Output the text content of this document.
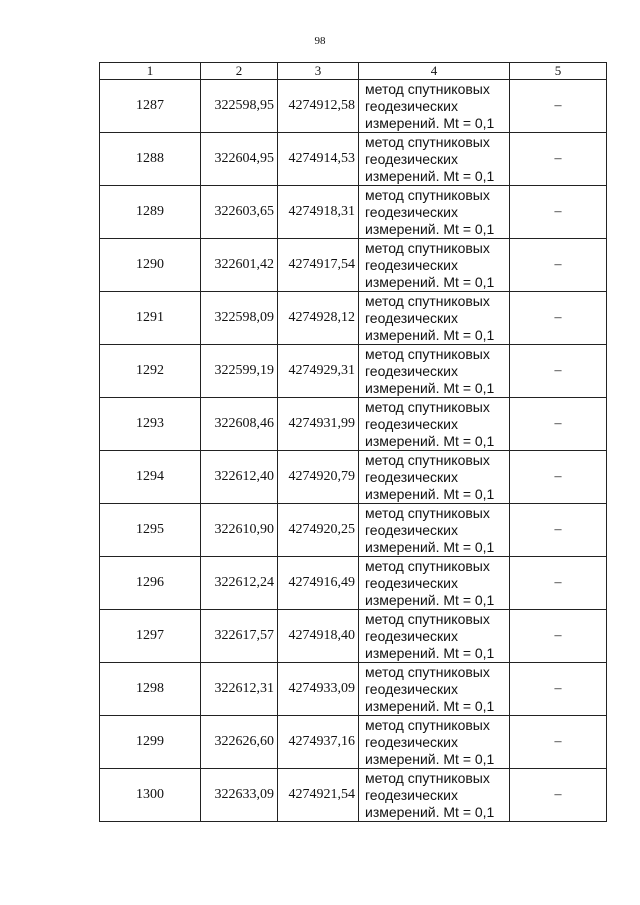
98
1	2	3	4	5
1287	322598,95	4274912,58	метод спутниковых
геодезических
измерений. Mt = 0,1	–
1288	322604,95	4274914,53	метод спутниковых
геодезических
измерений. Mt = 0,1	–
1289	322603,65	4274918,31	метод спутниковых
геодезических
измерений. Mt = 0,1	–
1290	322601,42	4274917,54	метод спутниковых
геодезических
измерений. Mt = 0,1	–
1291	322598,09	4274928,12	метод спутниковых
геодезических
измерений. Mt = 0,1	–
1292	322599,19	4274929,31	метод спутниковых
геодезических
измерений. Mt = 0,1	–
1293	322608,46	4274931,99	метод спутниковых
геодезических
измерений. Mt = 0,1	–
1294	322612,40	4274920,79	метод спутниковых
геодезических
измерений. Mt = 0,1	–
1295	322610,90	4274920,25	метод спутниковых
геодезических
измерений. Mt = 0,1	–
1296	322612,24	4274916,49	метод спутниковых
геодезических
измерений. Mt = 0,1	–
1297	322617,57	4274918,40	метод спутниковых
геодезических
измерений. Mt = 0,1	–
1298	322612,31	4274933,09	метод спутниковых
геодезических
измерений. Mt = 0,1	–
1299	322626,60	4274937,16	метод спутниковых
геодезических
измерений. Mt = 0,1	–
1300	322633,09	4274921,54	метод спутниковых
геодезических
измерений. Mt = 0,1	–
